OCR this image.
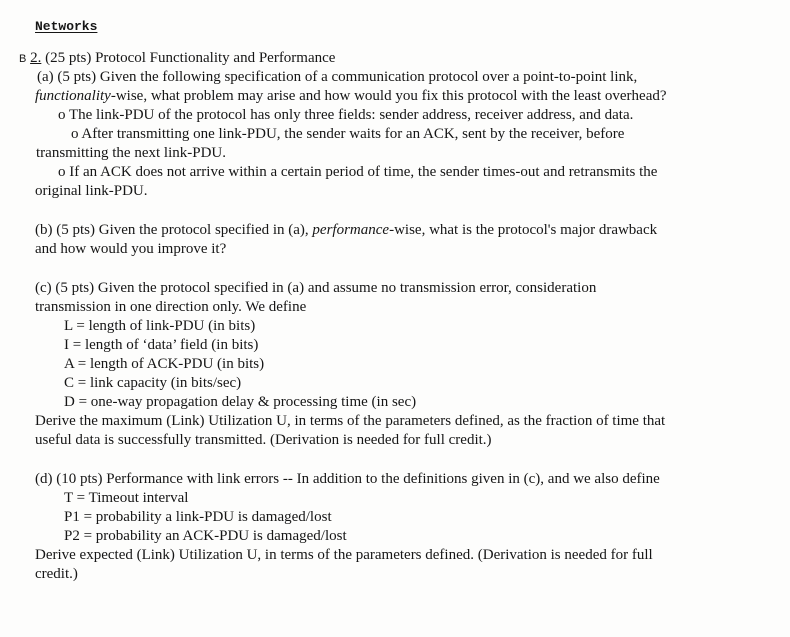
Networks
B 2. (25 pts) Protocol Functionality and Performance
(a) (5 pts) Given the following specification of a communication protocol over a point-to-point link,
functionality-wise, what problem may arise and how would you fix this protocol with the least overhead?
o The link-PDU of the protocol has only three fields: sender address, receiver address, and data.
o After transmitting one link-PDU, the sender waits for an ACK, sent by the receiver, before
transmitting the next link-PDU.
o If an ACK does not arrive within a certain period of time, the sender times-out and retransmits the
original link-PDU.
(b) (5 pts) Given the protocol specified in (a), performance-wise, what is the protocol's major drawback
and how would you improve it?
(c) (5 pts) Given the protocol specified in (a) and assume no transmission error, consideration
transmission in one direction only. We define
L = length of link-PDU (in bits)
I = length of ‘data’ field (in bits)
A = length of ACK-PDU (in bits)
C = link capacity (in bits/sec)
D = one-way propagation delay & processing time (in sec)
Derive the maximum (Link) Utilization U, in terms of the parameters defined, as the fraction of time that
useful data is successfully transmitted. (Derivation is needed for full credit.)
(d) (10 pts) Performance with link errors -- In addition to the definitions given in (c), and we also define
T = Timeout interval
P1 = probability a link-PDU is damaged/lost
P2 = probability an ACK-PDU is damaged/lost
Derive expected (Link) Utilization U, in terms of the parameters defined. (Derivation is needed for full
credit.)
